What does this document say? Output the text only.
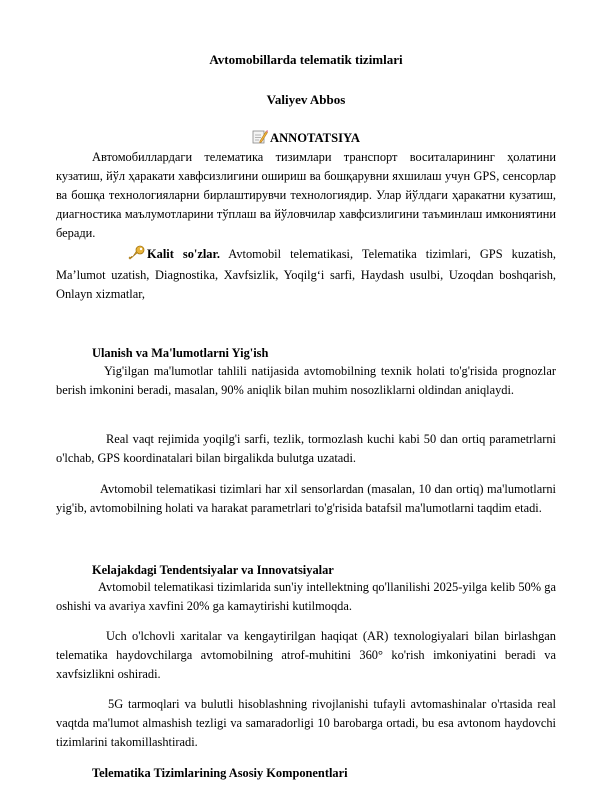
Avtomobillarda telematik tizimlari
Valiyev Abbos
ANNOTATSIYA

Автомобиллардаги телематика тизимлари транспорт воситаларининг ҳолатини кузатиш, йўл ҳаракати хавфсизлигини ошириш ва бошқарувни яхшилаш учун GPS, сенсорлар ва бошқа технологияларни бирлаштирувчи технологиядир. Улар йўлдаги ҳаракатни кузатиш, диагностика маълумотларини тўплаш ва йўловчилар хавфсизлигини таъминлаш имкониятини беради.

Kalit so'zlar. Avtomobil telematikasi, Telematika tizimlari, GPS kuzatish, Ma’lumot uzatish, Diagnostika, Xavfsizlik, Yoqilg‘i sarfi, Haydash usulbi, Uzoqdan boshqarish, Onlayn xizmatlar,

Ulanish va Ma'lumotlarni Yig'ish

Yig'ilgan ma'lumotlar tahlili natijasida avtomobilning texnik holati to'g'risida prognozlar berish imkonini beradi, masalan, 90% aniqlik bilan muhim nosozliklarni oldindan aniqlaydi.

Real vaqt rejimida yoqilg'i sarfi, tezlik, tormozlash kuchi kabi 50 dan ortiq parametrlarni o'lchab, GPS koordinatalari bilan birgalikda bulutga uzatadi.

Avtomobil telematikasi tizimlari har xil sensorlardan (masalan, 10 dan ortiq) ma'lumotlarni yig'ib, avtomobilning holati va harakat parametrlari to'g'risida batafsil ma'lumotlarni taqdim etadi.

Kelajakdagi Tendentsiyalar va Innovatsiyalar

Avtomobil telematikasi tizimlarida sun'iy intellektning qo'llanilishi 2025-yilga kelib 50% ga oshishi va avariya xavfini 20% ga kamaytirishi kutilmoqda.

Uch o'lchovli xaritalar va kengaytirilgan haqiqat (AR) texnologiyalari bilan birlashgan telematika haydovchilarga avtomobilning atrof-muhitini 360° ko'rish imkoniyatini beradi va xavfsizlikni oshiradi.

5G tarmoqlari va bulutli hisoblashning rivojlanishi tufayli avtomashinalar o'rtasida real vaqtda ma'lumot almashish tezligi va samaradorligi 10 barobarga ortadi, bu esa avtonom haydovchi tizimlarini takomillashtiradi.

Telematika Tizimlarining Asosiy Komponentlari
